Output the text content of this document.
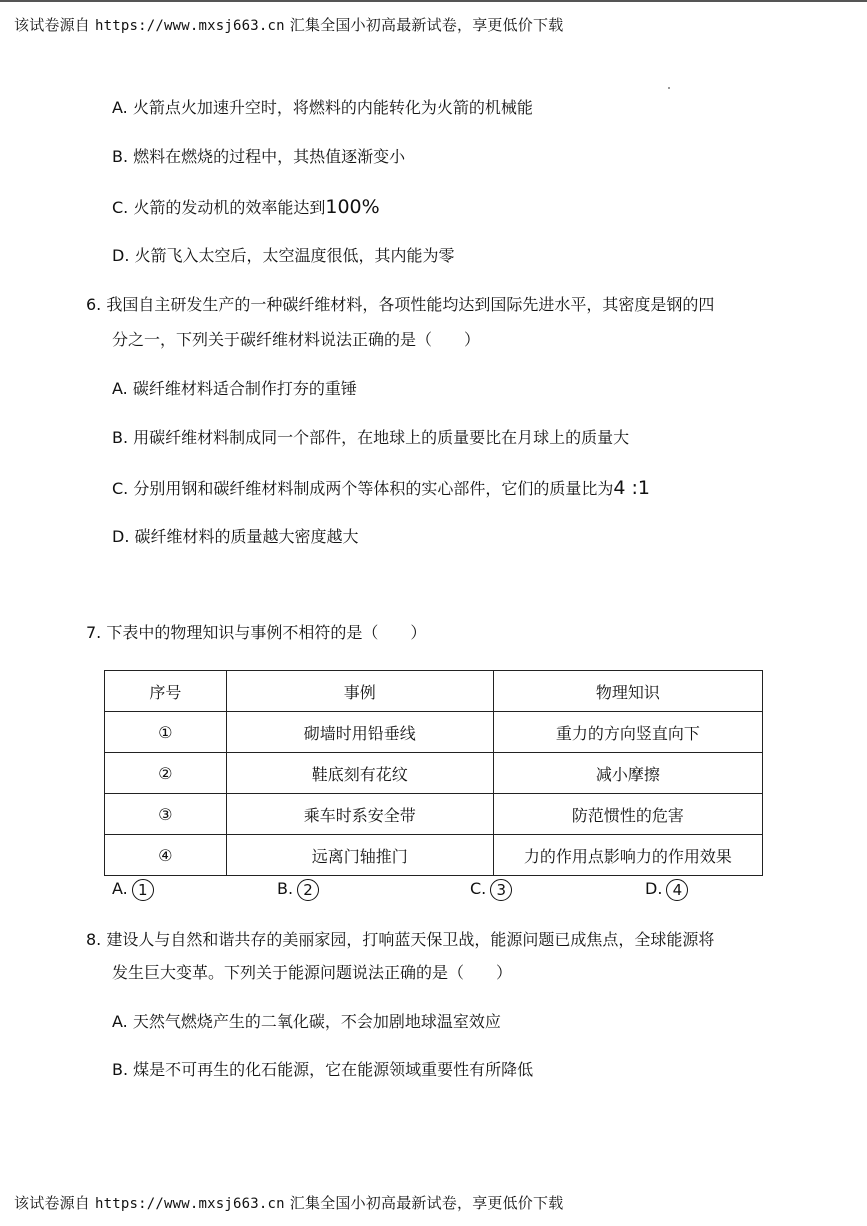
该试卷源自 https://www.mxsj663.cn 汇集全国小初高最新试卷，享更低价下载
A. 火箭点火加速升空时，将燃料的内能转化为火箭的机械能
B. 燃料在燃烧的过程中，其热值逐渐变小
C. 火箭的发动机的效率能达到100%
D. 火箭飞入太空后，太空温度很低，其内能为零
6. 我国自主研发生产的一种碳纤维材料，各项性能均达到国际先进水平，其密度是钢的四
分之一，下列关于碳纤维材料说法正确的是（　　）
A. 碳纤维材料适合制作打夯的重锤
B. 用碳纤维材料制成同一个部件，在地球上的质量要比在月球上的质量大
C. 分别用钢和碳纤维材料制成两个等体积的实心部件，它们的质量比为4 :1
D. 碳纤维材料的质量越大密度越大
7. 下表中的物理知识与事例不相符的是（　　）
序号	事例	物理知识
①	砌墙时用铅垂线	重力的方向竖直向下
②	鞋底刻有花纹	减小摩擦
③	乘车时系安全带	防范惯性的危害
④	远离门轴推门	力的作用点影响力的作用效果
A. 1	B. 2	C. 3	D. 4
8. 建设人与自然和谐共存的美丽家园，打响蓝天保卫战，能源问题已成焦点，全球能源将
发生巨大变革。下列关于能源问题说法正确的是（　　）
A. 天然气燃烧产生的二氧化碳，不会加剧地球温室效应
B. 煤是不可再生的化石能源，它在能源领域重要性有所降低
该试卷源自 https://www.mxsj663.cn 汇集全国小初高最新试卷，享更低价下载
